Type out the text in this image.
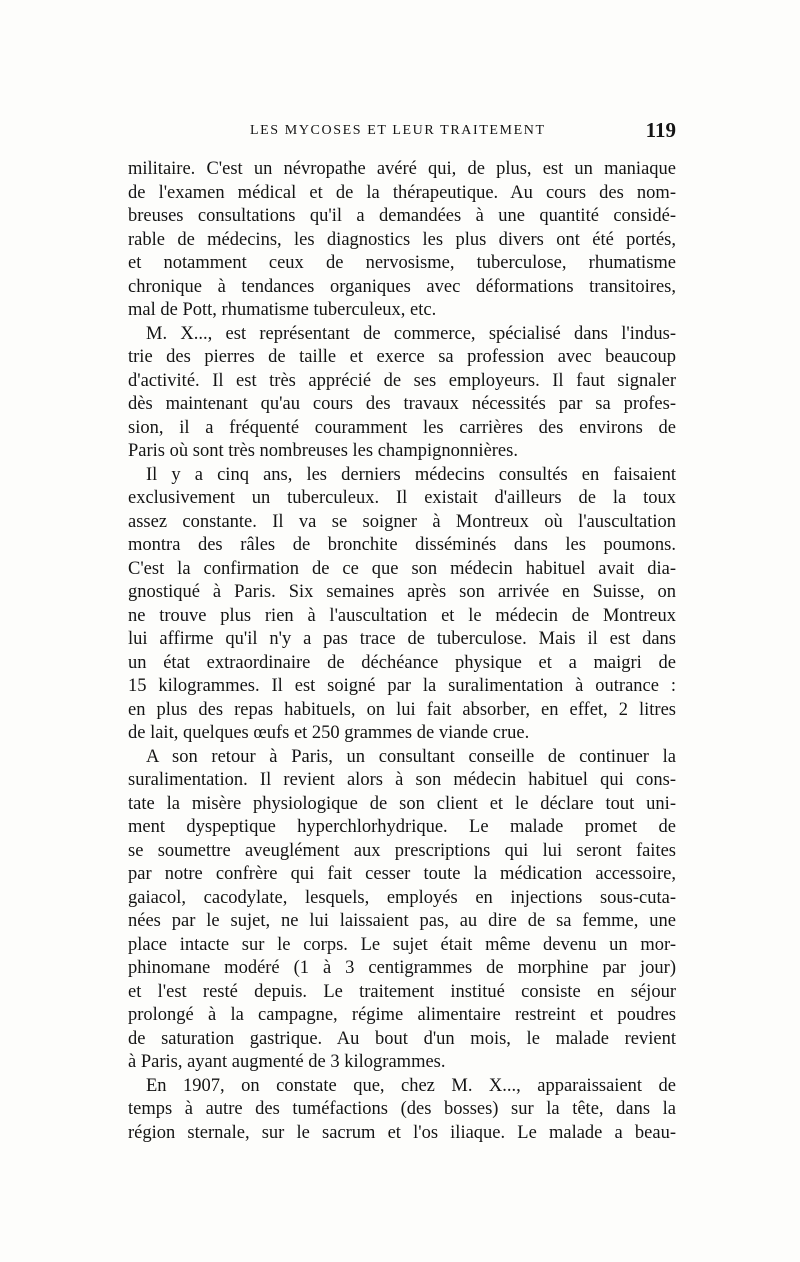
LES MYCOSES ET LEUR TRAITEMENT	119
militaire. C'est un névropathe avéré qui, de plus, est un maniaque
de l'examen médical et de la thérapeutique. Au cours des nom-
breuses consultations qu'il a demandées à une quantité considé-
rable de médecins, les diagnostics les plus divers ont été portés,
et notamment ceux de nervosisme, tuberculose, rhumatisme
chronique à tendances organiques avec déformations transitoires,
mal de Pott, rhumatisme tuberculeux, etc.
M. X..., est représentant de commerce, spécialisé dans l'indus-
trie des pierres de taille et exerce sa profession avec beaucoup
d'activité. Il est très apprécié de ses employeurs. Il faut signaler
dès maintenant qu'au cours des travaux nécessités par sa profes-
sion, il a fréquenté couramment les carrières des environs de
Paris où sont très nombreuses les champignonnières.
Il y a cinq ans, les derniers médecins consultés en faisaient
exclusivement un tuberculeux. Il existait d'ailleurs de la toux
assez constante. Il va se soigner à Montreux où l'auscultation
montra des râles de bronchite disséminés dans les poumons.
C'est la confirmation de ce que son médecin habituel avait dia-
gnostiqué à Paris. Six semaines après son arrivée en Suisse, on
ne trouve plus rien à l'auscultation et le médecin de Montreux
lui affirme qu'il n'y a pas trace de tuberculose. Mais il est dans
un état extraordinaire de déchéance physique et a maigri de
15 kilogrammes. Il est soigné par la suralimentation à outrance :
en plus des repas habituels, on lui fait absorber, en effet, 2 litres
de lait, quelques œufs et 250 grammes de viande crue.
A son retour à Paris, un consultant conseille de continuer la
suralimentation. Il revient alors à son médecin habituel qui cons-
tate la misère physiologique de son client et le déclare tout uni-
ment dyspeptique hyperchlorhydrique. Le malade promet de
se soumettre aveuglément aux prescriptions qui lui seront faites
par notre confrère qui fait cesser toute la médication accessoire,
gaiacol, cacodylate, lesquels, employés en injections sous-cuta-
nées par le sujet, ne lui laissaient pas, au dire de sa femme, une
place intacte sur le corps. Le sujet était même devenu un mor-
phinomane modéré (1 à 3 centigrammes de morphine par jour)
et l'est resté depuis. Le traitement institué consiste en séjour
prolongé à la campagne, régime alimentaire restreint et poudres
de saturation gastrique. Au bout d'un mois, le malade revient
à Paris, ayant augmenté de 3 kilogrammes.
En 1907, on constate que, chez M. X..., apparaissaient de
temps à autre des tuméfactions (des bosses) sur la tête, dans la
région sternale, sur le sacrum et l'os iliaque. Le malade a beau-
